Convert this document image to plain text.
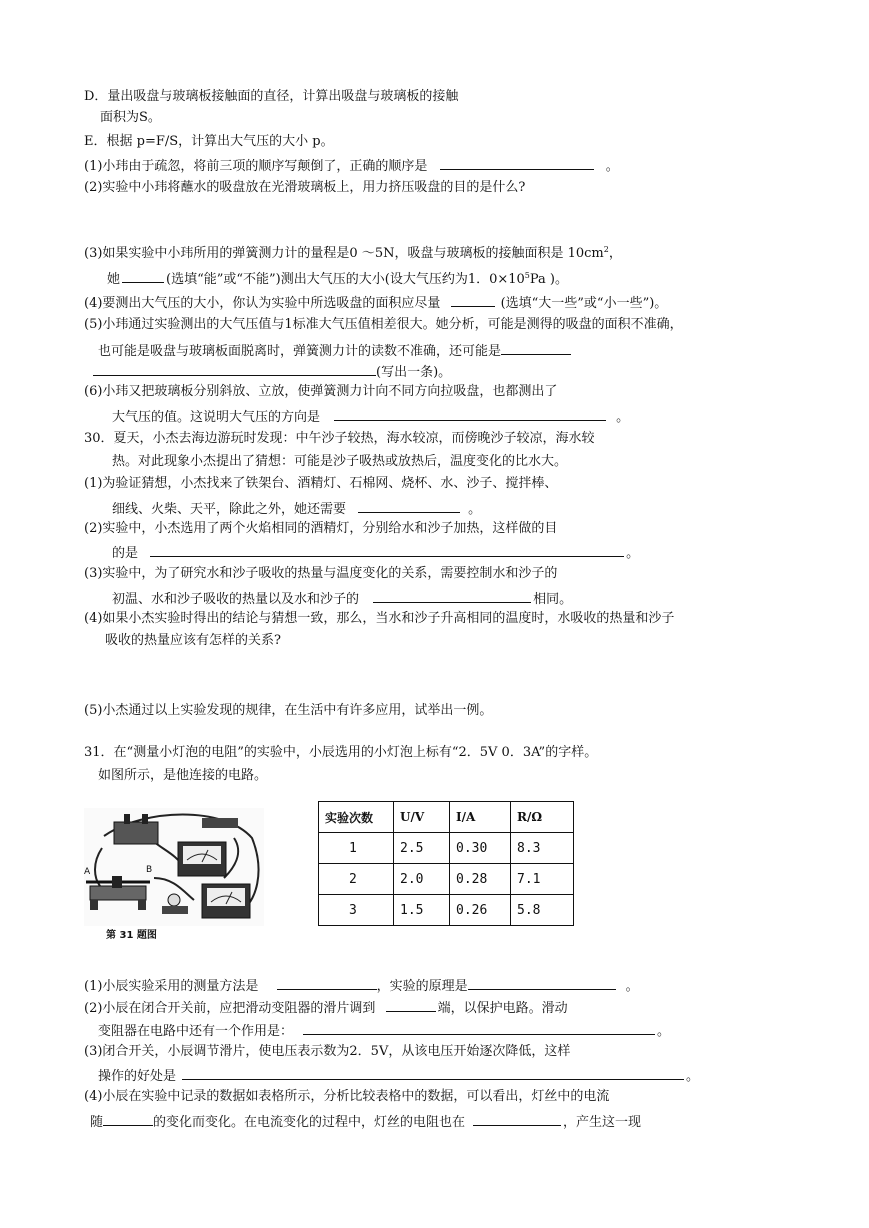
D．量出吸盘与玻璃板接触面的直径，计算出吸盘与玻璃板的接触
面积为S。
E．根据 p=F/S，计算出大气压的大小 p。
(1)小玮由于疏忽，将前三项的顺序写颠倒了，正确的顺序是	。
(2)实验中小玮将蘸水的吸盘放在光滑玻璃板上，用力挤压吸盘的目的是什么?
(3)如果实验中小玮所用的弹簧测力计的量程是0 ～5N，吸盘与玻璃板的接触面积是 $10cm^2$，
她	(选填“能”或“不能”)测出大气压的大小(设大气压约为1．$0\times 10^5Pa$ )。
(4)要测出大气压的大小，你认为实验中所选吸盘的面积应尽量	(选填“大一些”或“小一些”)。
(5)小玮通过实验测出的大气压值与1标准大气压值相差很大。她分析，可能是测得的吸盘的面积不准确，
也可能是吸盘与玻璃板面脱离时，弹簧测力计的读数不准确，还可能是
(写出一条)。
(6)小玮又把玻璃板分别斜放、立放，使弹簧测力计向不同方向拉吸盘，也都测出了
大气压的值。这说明大气压的方向是	。
30．夏天，小杰去海边游玩时发现：中午沙子较热，海水较凉，而傍晚沙子较凉，海水较
热。对此现象小杰提出了猜想：可能是沙子吸热或放热后，温度变化的比水大。
(1)为验证猜想，小杰找来了铁架台、酒精灯、石棉网、烧杯、水、沙子、搅拌棒、
细线、火柴、天平，除此之外，她还需要	。
(2)实验中，小杰选用了两个火焰相同的酒精灯，分别给水和沙子加热，这样做的目
的是	。
(3)实验中，为了研究水和沙子吸收的热量与温度变化的关系，需要控制水和沙子的
初温、水和沙子吸收的热量以及水和沙子的	相同。
(4)如果小杰实验时得出的结论与猜想一致，那么，当水和沙子升高相同的温度时，水吸收的热量和沙子
吸收的热量应该有怎样的关系?
(5)小杰通过以上实验发现的规律，在生活中有许多应用，试举出一例。
31．在“测量小灯泡的电阻”的实验中，小辰选用的小灯泡上标有“2．5V 0．3A”的字样。
如图所示，是他连接的电路。
A	B
第 31 题图
实验次数	U/V	I/A	R/Ω
1	2.5	0.30	8.3
2	2.0	0.28	7.1
3	1.5	0.26	5.8
(1)小辰实验采用的测量方法是	，实验的原理是	。
(2)小辰在闭合开关前，应把滑动变阻器的滑片调到	端，以保护电路。滑动
变阻器在电路中还有一个作用是：	。
(3)闭合开关，小辰调节滑片，使电压表示数为2．5V，从该电压开始逐次降低，这样
操作的好处是	。
(4)小辰在实验中记录的数据如表格所示，分析比较表格中的数据，可以看出，灯丝中的电流
随	的变化而变化。在电流变化的过程中，灯丝的电阻也在	，产生这一现
